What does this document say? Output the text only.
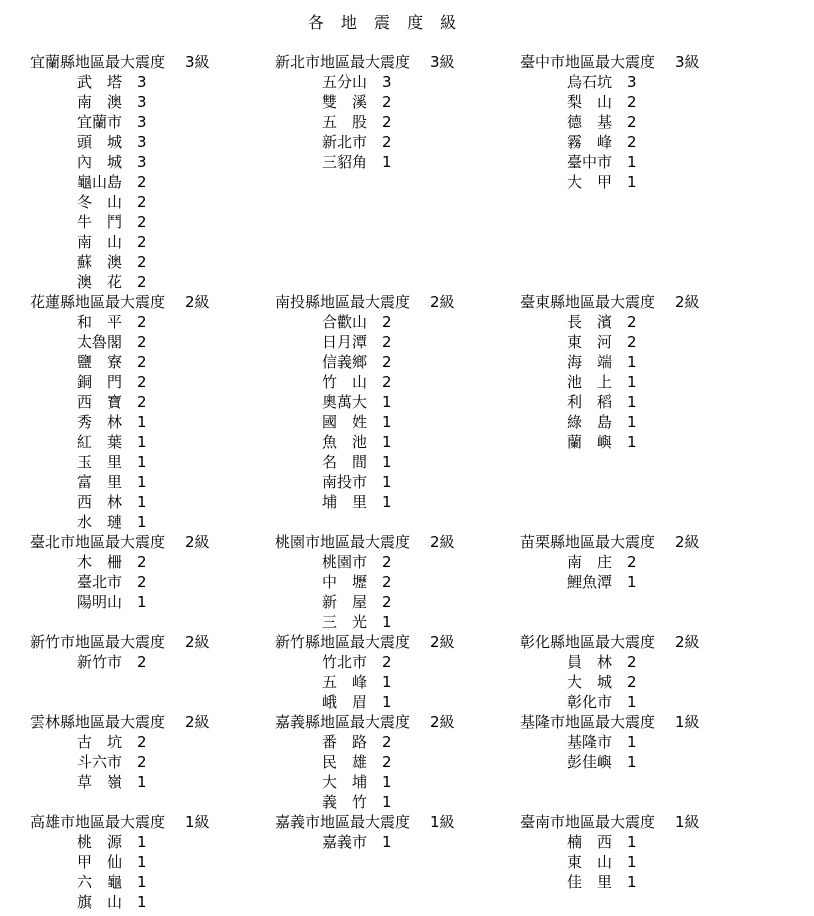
各 地 震 度 級
宜蘭縣地區最大震度	3級
武　塔 3
南　澳 3
宜蘭市 3
頭　城 3
內　城 3
龜山島 2
冬　山 2
牛　鬥 2
南　山 2
蘇　澳 2
澳　花 2
新北市地區最大震度	3級
五分山 3
雙　溪 2
五　股 2
新北市 2
三貂角 1
臺中市地區最大震度	3級
烏石坑 3
梨　山 2
德　基 2
霧　峰 2
臺中市 1
大　甲 1
花蓮縣地區最大震度	2級
和　平 2
太魯閣 2
鹽　寮 2
銅　門 2
西　寶 2
秀　林 1
紅　葉 1
玉　里 1
富　里 1
西　林 1
水　璉 1
南投縣地區最大震度	2級
合歡山 2
日月潭 2
信義鄉 2
竹　山 2
奧萬大 1
國　姓 1
魚　池 1
名　間 1
南投市 1
埔　里 1
臺東縣地區最大震度	2級
長　濱 2
東　河 2
海　端 1
池　上 1
利　稻 1
綠　島 1
蘭　嶼 1
臺北市地區最大震度	2級
木　柵 2
臺北市 2
陽明山 1
桃園市地區最大震度	2級
桃園市 2
中　壢 2
新　屋 2
三　光 1
苗栗縣地區最大震度	2級
南　庄 2
鯉魚潭 1
新竹市地區最大震度	2級
新竹市 2
新竹縣地區最大震度	2級
竹北市 2
五　峰 1
峨　眉 1
彰化縣地區最大震度	2級
員　林 2
大　城 2
彰化市 1
雲林縣地區最大震度	2級
古　坑 2
斗六市 2
草　嶺 1
嘉義縣地區最大震度	2級
番　路 2
民　雄 2
大　埔 1
義　竹 1
基隆市地區最大震度	1級
基隆市 1
彭佳嶼 1
高雄市地區最大震度	1級
桃　源 1
甲　仙 1
六　龜 1
旗　山 1
嘉義市地區最大震度	1級
嘉義市 1
臺南市地區最大震度	1級
楠　西 1
東　山 1
佳　里 1
